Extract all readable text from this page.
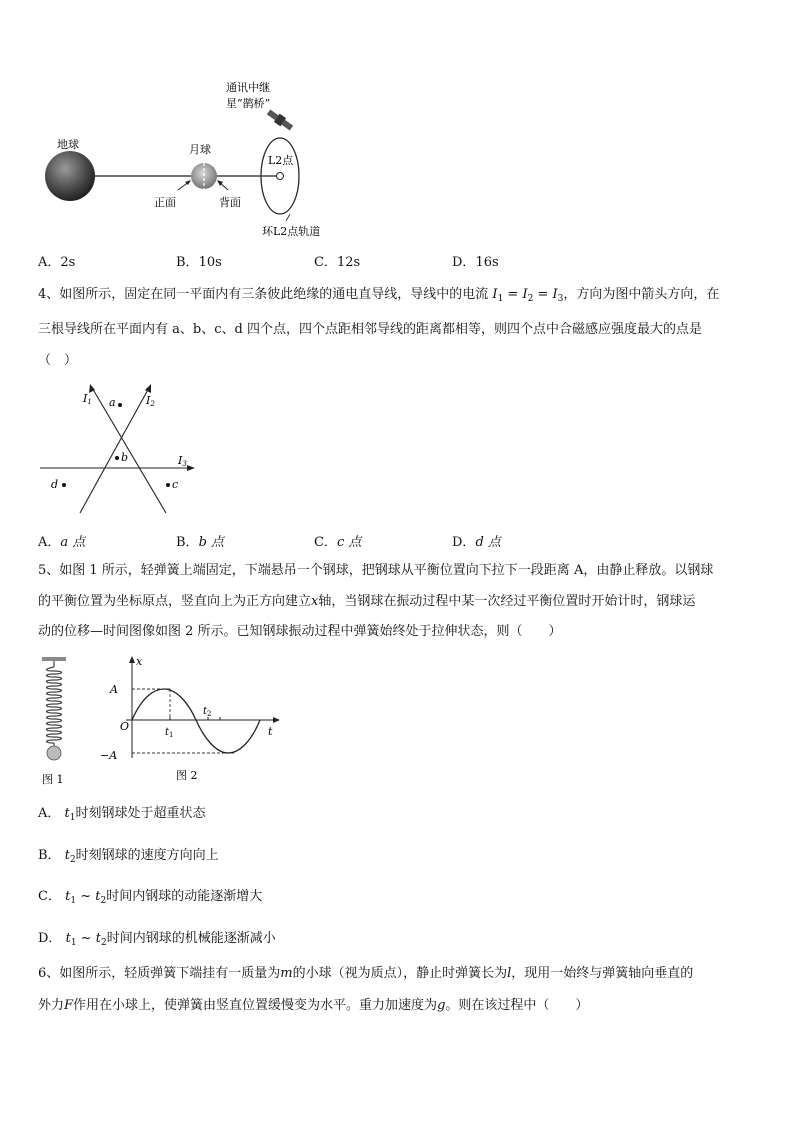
地球	月球
正面	背面
L2点
环L2点轨道
通讯中继
星“鹊桥”
A．2s	B．10s	C．12s	D．16s
4、如图所示，固定在同一平面内有三条彼此绝缘的通电直导线，导线中的电流 $I_1 = I_2 = I_3$，方向为图中箭头方向，在
三根导线所在平面内有 a、b、c、d 四个点，四个点距相邻导线的距离都相等，则四个点中合磁感应强度最大的点是
（　）
I1	I2
I3
a
b
c
d
A．a 点	B．b 点	C．c 点	D．d 点
5、如图 1 所示，轻弹簧上端固定，下端悬吊一个钢球，把钢球从平衡位置向下拉下一段距离 A，由静止释放。以钢球
的平衡位置为坐标原点，竖直向上为正方向建立x轴，当钢球在振动过程中某一次经过平衡位置时开始计时，钢球运
动的位移—时间图像如图 2 所示。已知钢球振动过程中弹簧始终处于拉伸状态，则（　　）
图 1
x
t
O
A
−A
$t_1$
$t_2$
图 2
A． $t_1$时刻钢球处于超重状态
B． $t_2$时刻钢球的速度方向向上
C． $t_1$ ~ $t_2$时间内钢球的动能逐渐增大
D． $t_1$ ~ $t_2$时间内钢球的机械能逐渐减小
6、如图所示，轻质弹簧下端挂有一质量为m的小球（视为质点），静止时弹簧长为l，现用一始终与弹簧轴向垂直的
外力F作用在小球上，使弹簧由竖直位置缓慢变为水平。重力加速度为g。则在该过程中（　　）
